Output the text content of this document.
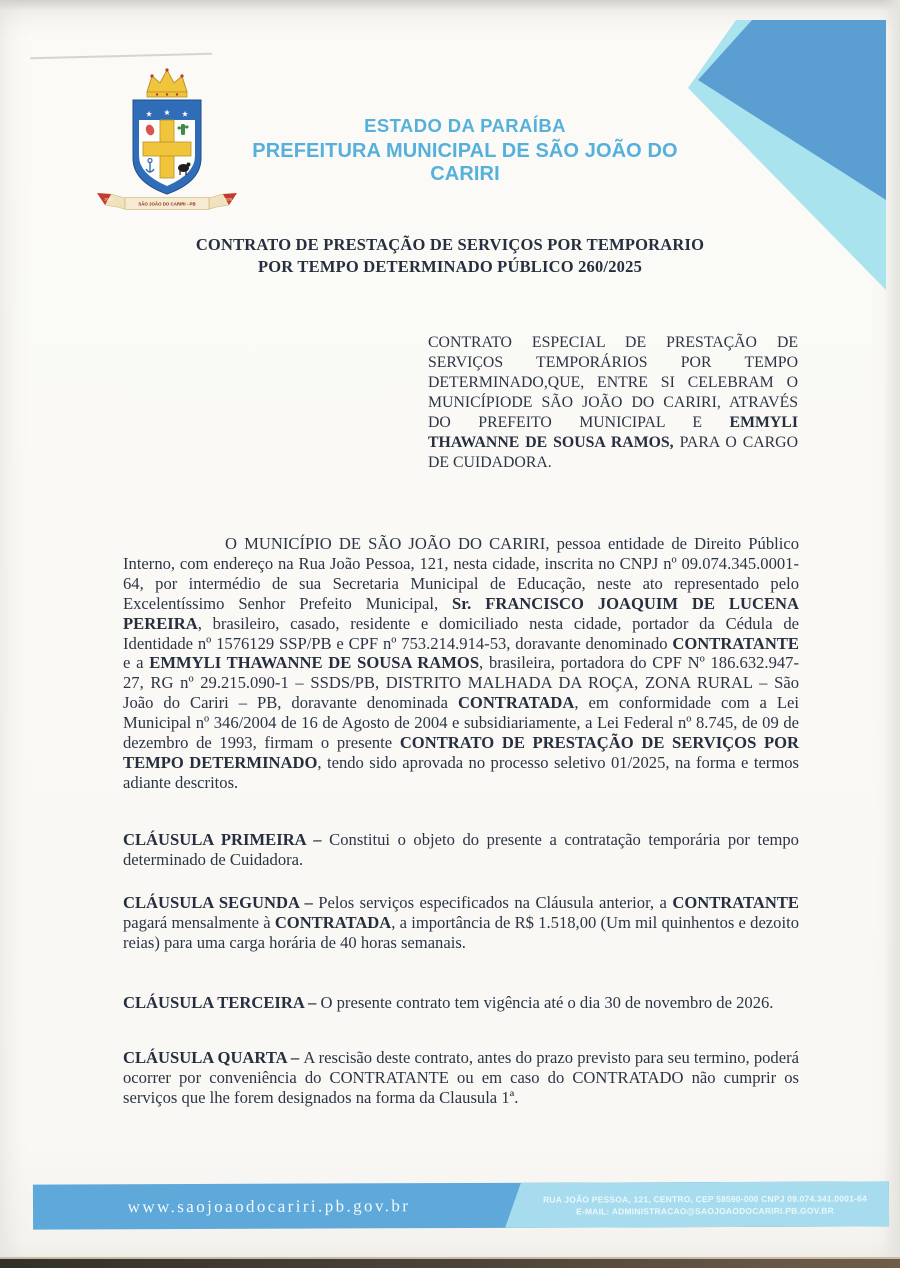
1669	1928
SÃO JOÃO DO CARIRI - PB
ESTADO DA PARAÍBA
PREFEITURA MUNICIPAL DE SÃO JOÃO DO CARIRI
CONTRATO DE PRESTAÇÃO DE SERVIÇOS POR TEMPORARIO
POR TEMPO DETERMINADO PÚBLICO 260/2025
CONTRATO ESPECIAL DE PRESTAÇÃO DE SERVIÇOS TEMPORÁRIOS POR TEMPO DETERMINADO,QUE, ENTRE SI CELEBRAM O MUNICÍPIODE SÃO JOÃO DO CARIRI, ATRAVÉS DO PREFEITO MUNICIPAL E EMMYLI THAWANNE DE SOUSA RAMOS, PARA O CARGO DE CUIDADORA.
O MUNICÍPIO DE SÃO JOÃO DO CARIRI, pessoa entidade de Direito Público Interno, com endereço na Rua João Pessoa, 121, nesta cidade, inscrita no CNPJ nº 09.074.345.0001-64, por intermédio de sua Secretaria Municipal de Educação, neste ato representado pelo Excelentíssimo Senhor Prefeito Municipal, Sr. FRANCISCO JOAQUIM DE LUCENA PEREIRA, brasileiro, casado, residente e domiciliado nesta cidade, portador da Cédula de Identidade nº 1576129 SSP/PB e CPF nº 753.214.914-53, doravante denominado CONTRATANTE e a EMMYLI THAWANNE DE SOUSA RAMOS, brasileira, portadora do CPF Nº 186.632.947-27, RG nº 29.215.090-1 – SSDS/PB, DISTRITO MALHADA DA ROÇA, ZONA RURAL – São João do Cariri – PB, doravante denominada CONTRATADA, em conformidade com a Lei Municipal nº 346/2004 de 16 de Agosto de 2004 e subsidiariamente, a Lei Federal nº 8.745, de 09 de dezembro de 1993, firmam o presente CONTRATO DE PRESTAÇÃO DE SERVIÇOS POR TEMPO DETERMINADO, tendo sido aprovada no processo seletivo 01/2025, na forma e termos adiante descritos.
CLÁUSULA PRIMEIRA – Constitui o objeto do presente a contratação temporária por tempo determinado de Cuidadora.
CLÁUSULA SEGUNDA – Pelos serviços especificados na Cláusula anterior, a CONTRATANTE pagará mensalmente à CONTRATADA, a importância de R$ 1.518,00 (Um mil quinhentos e dezoito reias) para uma carga horária de 40 horas semanais.
CLÁUSULA TERCEIRA – O presente contrato tem vigência até o dia 30 de novembro de 2026.
CLÁUSULA QUARTA – A rescisão deste contrato, antes do prazo previsto para seu termino, poderá ocorrer por conveniência do CONTRATANTE ou em caso do CONTRATADO não cumprir os serviços que lhe forem designados na forma da Clausula 1ª.
www.saojoaodocariri.pb.gov.br	RUA JOÃO PESSOA, 121, CENTRO, CEP 58590-000 CNPJ 09.074.341.0001-64
E-MAIL: ADMINISTRACAO@SAOJOAODOCARIRI.PB.GOV.BR
